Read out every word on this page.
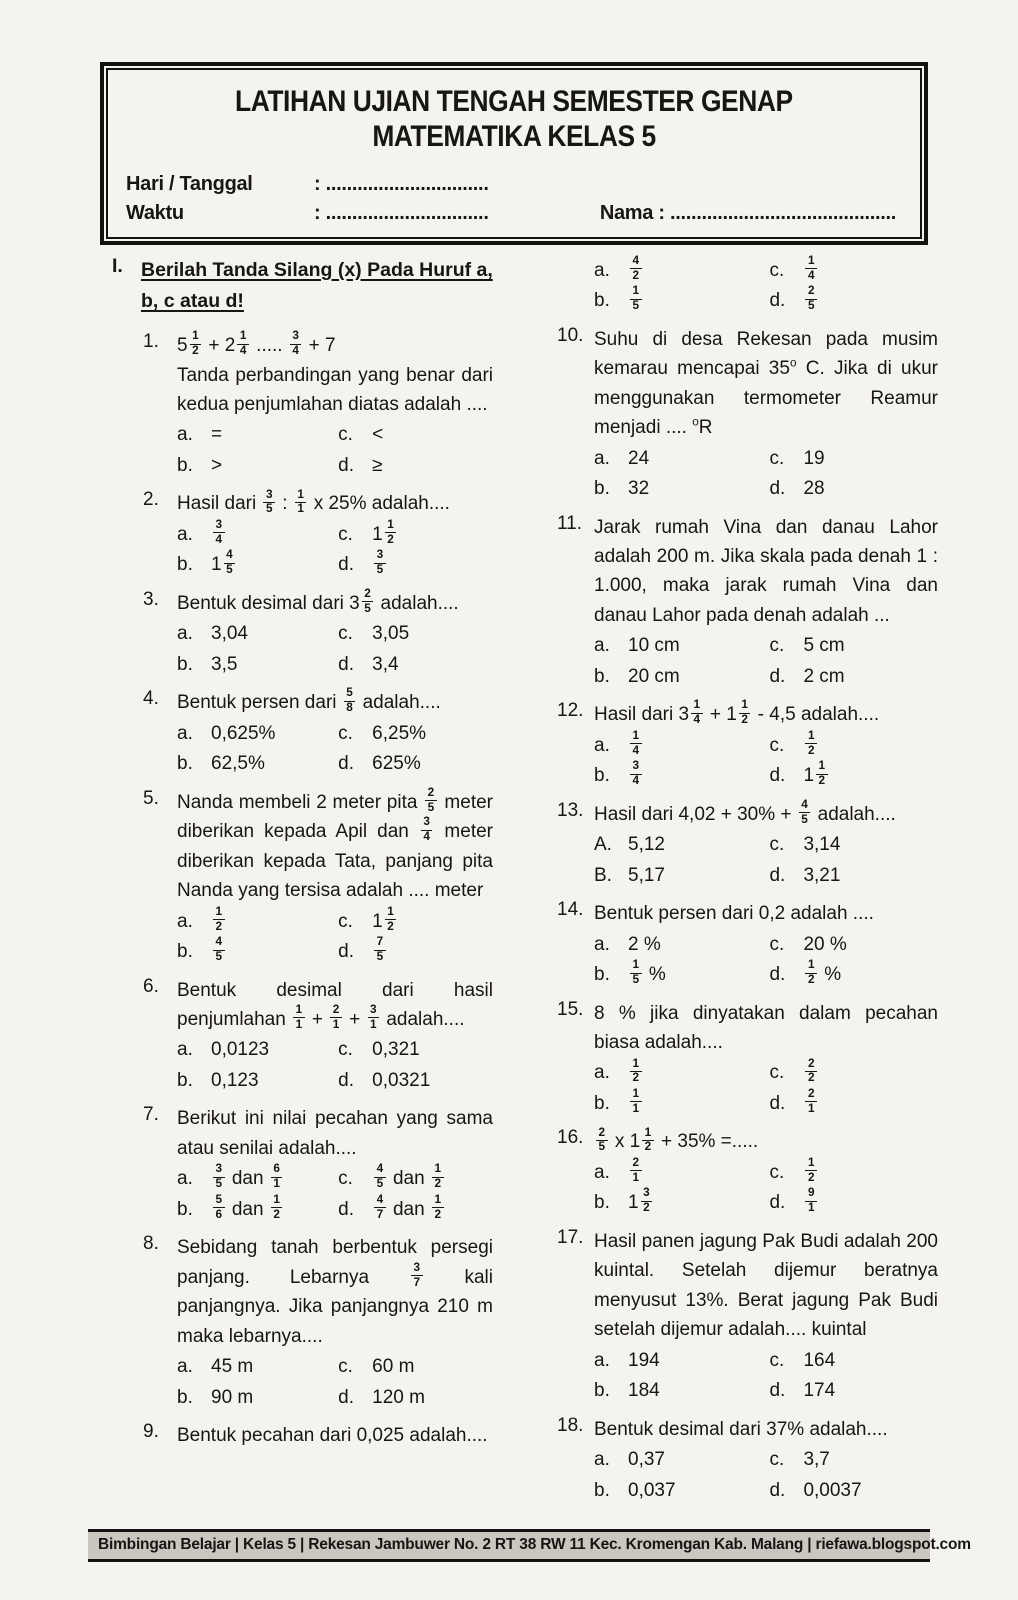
LATIHAN UJIAN TENGAH SEMESTER GENAP
MATEMATIKA KELAS 5
Hari / Tanggal	: ...............................
Waktu	: ...............................	Nama : ...........................................
I. Berilah Tanda Silang (x) Pada Huruf a, b, c atau d!
1. $5 \frac{1}{2} + 2 \frac{1}{4}$ ..... $\frac{3}{4} + 7$
Tanda perbandingan yang benar dari kedua penjumlahan diatas adalah ....
a. =	c.	<
b. >	d. ≥
2. Hasil dari $\frac{3}{5}$ : $\frac{1}{1}$ x 25% adalah....
a.	$\frac{3}{4}$	c.	$1 \frac{1}{2}$
b. $1 \frac{4}{5}$	d.	$\frac{3}{5}$
3. Bentuk desimal dari $3 \frac{2}{5}$ adalah....
a. 3,04	c.	3,05
b. 3,5	d. 3,4
4. Bentuk persen dari $\frac{5}{8}$ adalah....
a. 0,625%	c.	6,25%
b. 62,5%	d. 625%
5. Nanda membeli 2 meter pita $\frac{2}{5}$ meter diberikan kepada Apil dan $\frac{3}{4}$ meter diberikan kepada Tata, panjang pita Nanda yang tersisa adalah .... meter
a.	$\frac{1}{2}$	c.	$1 \frac{1}{2}$
b.	$\frac{4}{5}$	d.	$\frac{7}{5}$
6. Bentuk desimal dari hasil penjumlahan $\frac{1}{1} + \frac{2}{1} + \frac{3}{1}$ adalah....
a. 0,0123	c.	0,321
b. 0,123	d. 0,0321
7. Berikut ini nilai pecahan yang sama atau senilai adalah....
a.	$\frac{3}{5}$ dan $\frac{6}{1}$	c.	$\frac{4}{5}$ dan $\frac{1}{2}$
b.	$\frac{5}{6}$ dan $\frac{1}{2}$	d.	$\frac{4}{7}$ dan $\frac{1}{2}$
8. Sebidang tanah berbentuk persegi panjang. Lebarnya $\frac{3}{7}$ kali panjangnya. Jika panjangnya 210 m maka lebarnya....
a. 45 m	c.	60 m
b. 90 m	d. 120 m
9. Bentuk pecahan dari 0,025 adalah....
a.	$\frac{4}{2}$	c.	$\frac{1}{4}$
b.	$\frac{1}{5}$	d.	$\frac{2}{5}$
10. Suhu di desa Rekesan pada musim kemarau mencapai 35$^o$ C. Jika di ukur menggunakan termometer Reamur menjadi .... $^o$R
a. 24	c.	19
b. 32	d. 28
11. Jarak rumah Vina dan danau Lahor adalah 200 m. Jika skala pada denah 1 : 1.000, maka jarak rumah Vina dan danau Lahor pada denah adalah ...
a. 10 cm	c.	5 cm
b. 20 cm	d. 2 cm
12. Hasil dari $3 \frac{1}{4} + 1 \frac{1}{2} - 4,5$ adalah....
a.	$\frac{1}{4}$	c.	$\frac{1}{2}$
b.	$\frac{3}{4}$	d. $1 \frac{1}{2}$
13. Hasil dari $4,02 + 30\% + \frac{4}{5}$ adalah....
A. 5,12	c.	3,14
B. 5,17	d. 3,21
14. Bentuk persen dari 0,2 adalah ....
a. 2 %	c.	20 %
b.	$\frac{1}{5}$ %	d.	$\frac{1}{2}$ %
15. 8 % jika dinyatakan dalam pecahan biasa adalah....
a.	$\frac{1}{2}$	c.	$\frac{2}{2}$
b.	$\frac{1}{1}$	d.	$\frac{2}{1}$
16.	$\frac{2}{5}$ x $1 \frac{1}{2} + 35\%$ =.....
a.	$\frac{2}{1}$	c.	$\frac{1}{2}$
b. $1 \frac{3}{2}$	d.	$\frac{9}{1}$
17. Hasil panen jagung Pak Budi adalah 200 kuintal. Setelah dijemur beratnya menyusut 13%. Berat jagung Pak Budi setelah dijemur adalah.... kuintal
a. 194	c.	164
b. 184	d. 174
18. Bentuk desimal dari 37% adalah....
a. 0,37	c.	3,7
b. 0,037	d. 0,0037
Bimbingan Belajar | Kelas 5 | Rekesan Jambuwer No. 2 RT 38 RW 11 Kec. Kromengan Kab. Malang | riefawa.blogspot.com
